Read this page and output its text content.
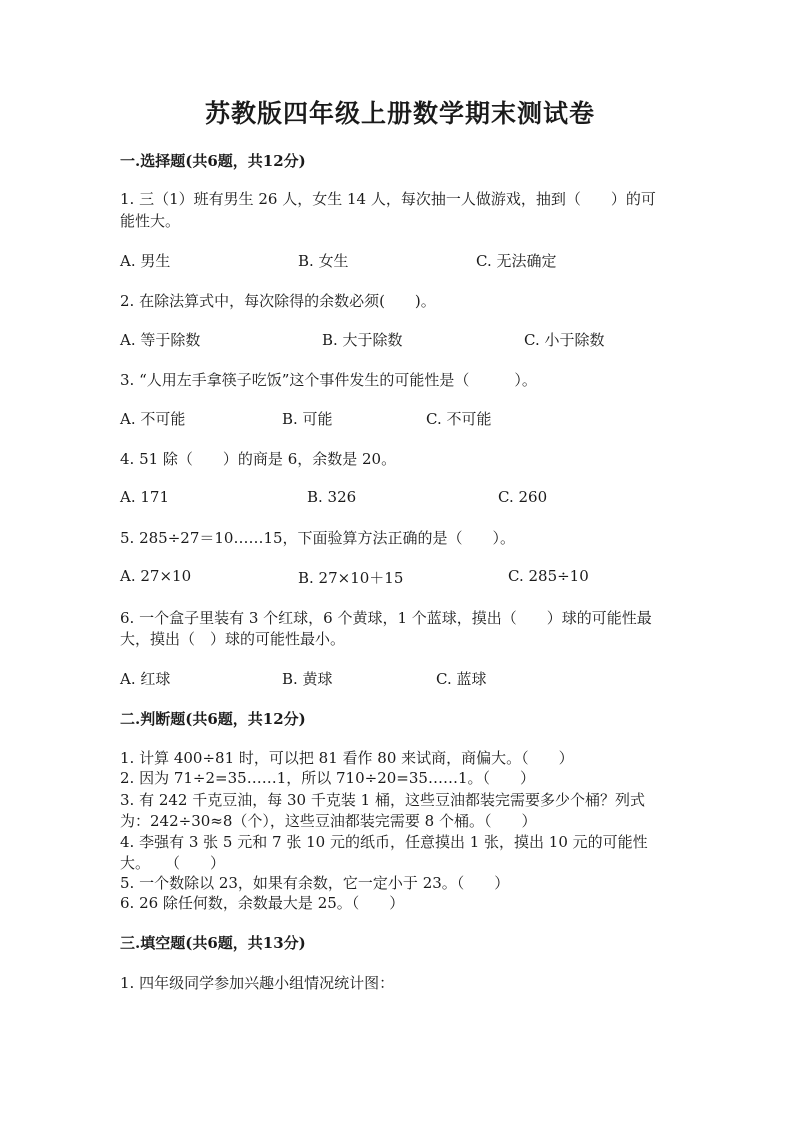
苏教版四年级上册数学期末测试卷
一.选择题(共6题，共12分)
1. 三（1）班有男生 26 人，女生 14 人，每次抽一人做游戏，抽到（　　）的可
能性大。
A. 男生	B. 女生	C. 无法确定
2. 在除法算式中，每次除得的余数必须(　　)。
A. 等于除数	B. 大于除数	C. 小于除数
3. “人用左手拿筷子吃饭”这个事件发生的可能性是（　　　）。
A. 不可能	B. 可能	C. 不可能
4. 51 除（　　）的商是 6，余数是 20。
A. 171	B. 326	C. 260
5. 285÷27＝10……15，下面验算方法正确的是（　　）。
A. 27×10	B. 27×10＋15	C. 285÷10
6. 一个盒子里装有 3 个红球，6 个黄球，1 个蓝球，摸出（　　）球的可能性最
大，摸出（　）球的可能性最小。
A. 红球	B. 黄球	C. 蓝球
二.判断题(共6题，共12分)
1. 计算 400÷81 时，可以把 81 看作 80 来试商，商偏大。（　　）
2. 因为 71÷2=35……1，所以 710÷20=35……1。（　　）
3. 有 242 千克豆油，每 30 千克装 1 桶，这些豆油都装完需要多少个桶？列式
为：242÷30≈8（个），这些豆油都装完需要 8 个桶。（　　）
4. 李强有 3 张 5 元和 7 张 10 元的纸币，任意摸出 1 张，摸出 10 元的可能性
大。　　（　　）
5. 一个数除以 23，如果有余数，它一定小于 23。（　　）
6. 26 除任何数，余数最大是 25。（　　）
三.填空题(共6题，共13分)
1. 四年级同学参加兴趣小组情况统计图：
